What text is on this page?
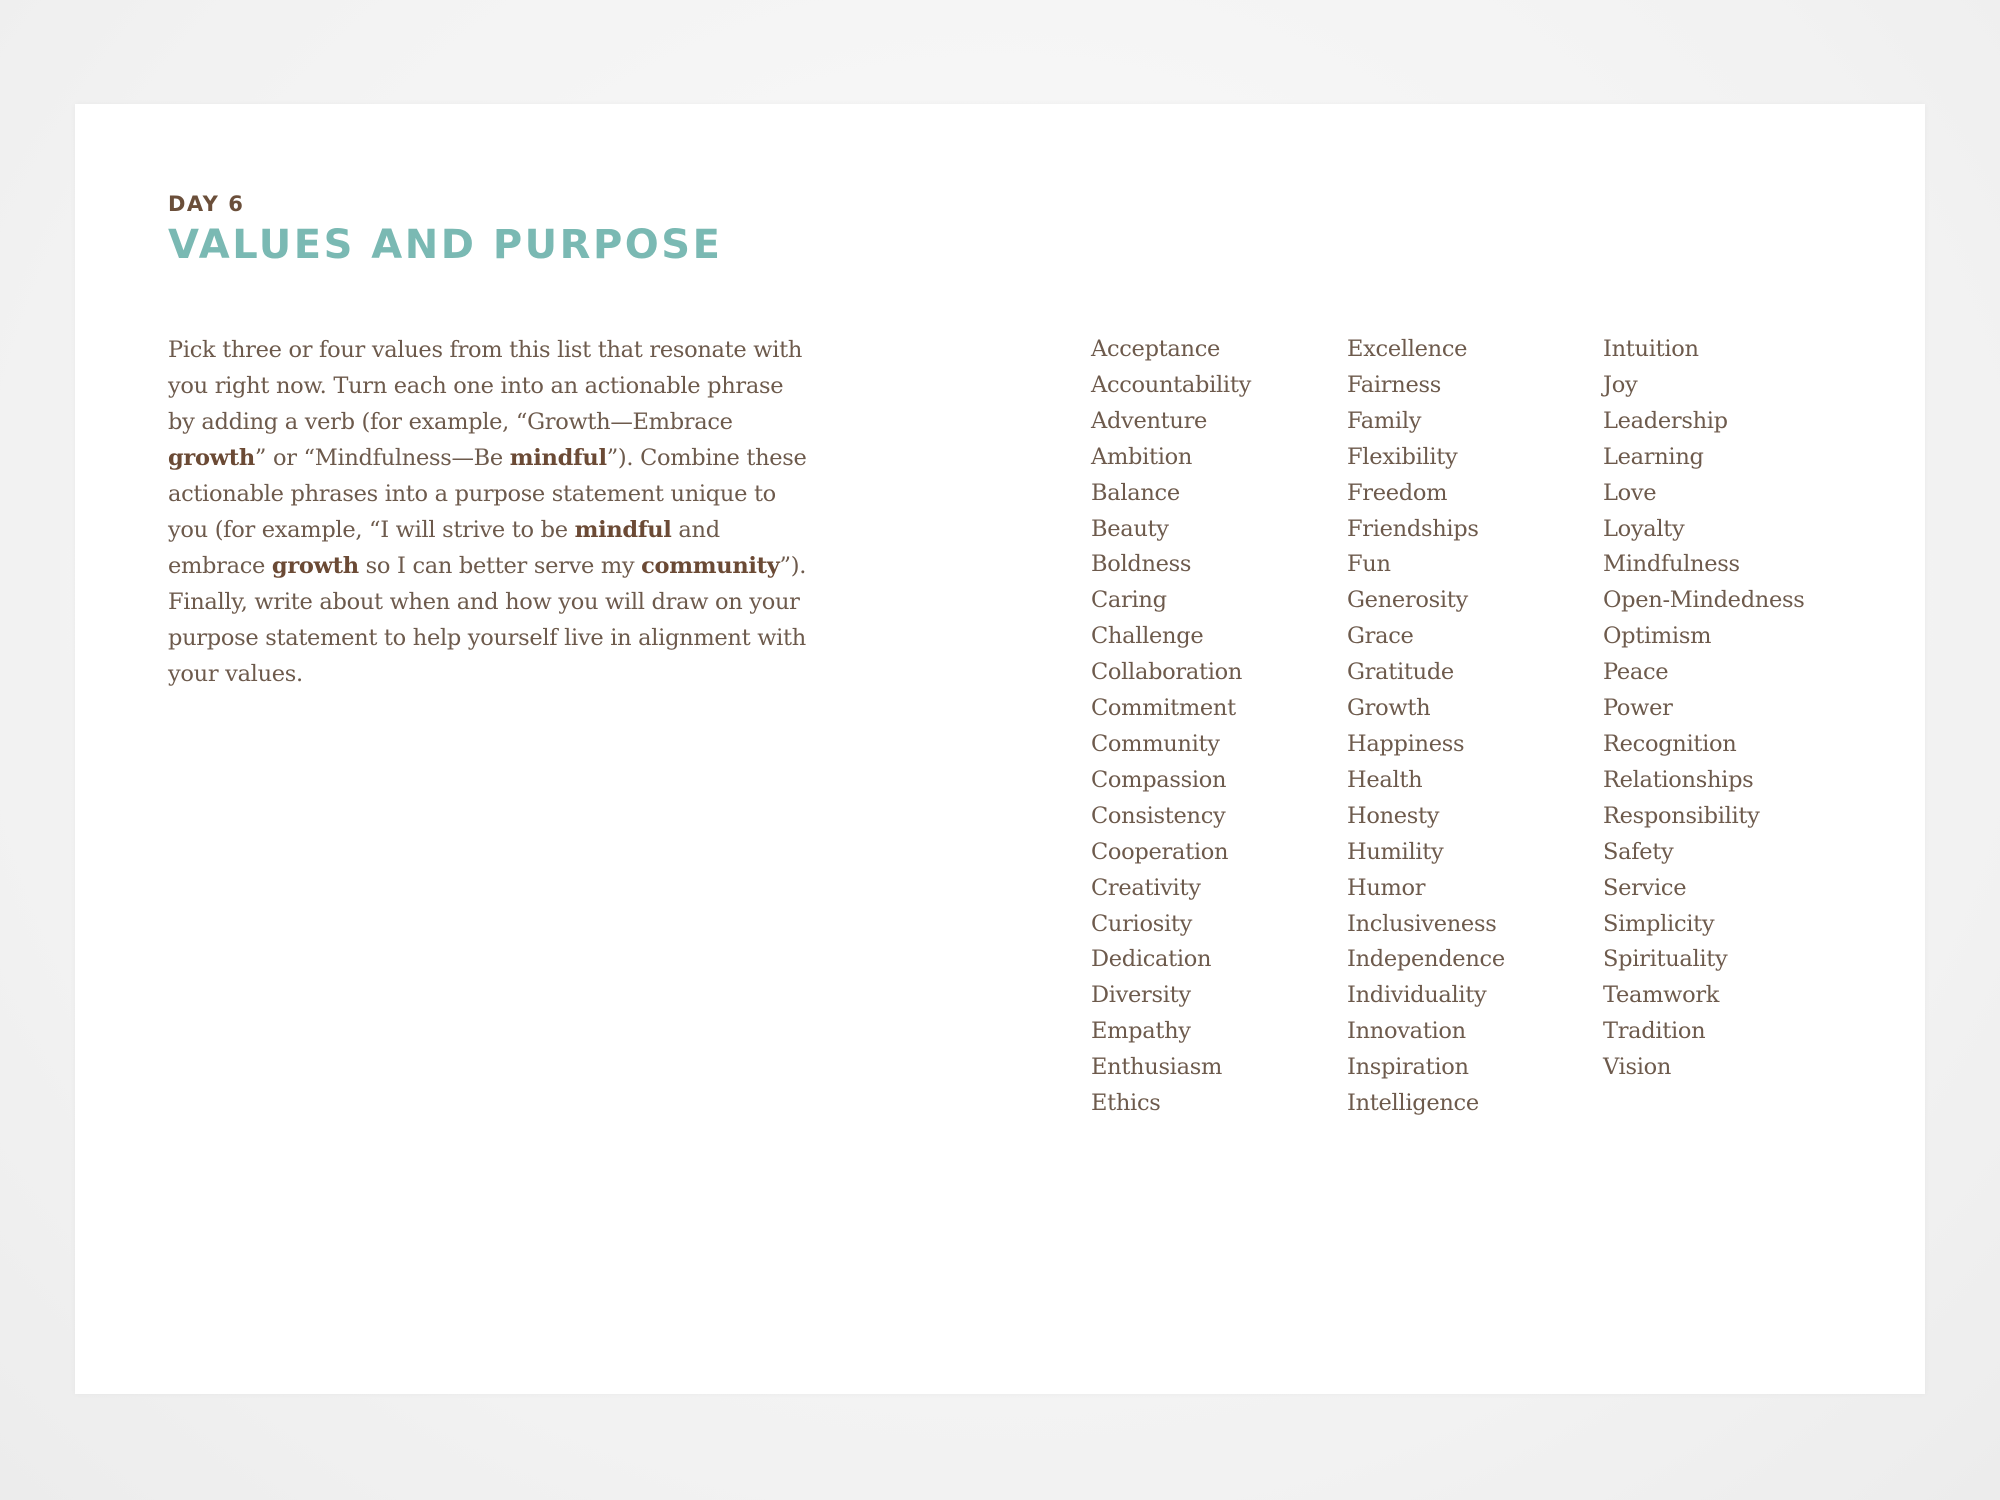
DAY 6
VALUES AND PURPOSE

Pick three or four values from this list that resonate with you right now. Turn each one into an actionable phrase by adding a verb (for example, “Growth—Embrace growth” or “Mindfulness—Be mindful”). Combine these actionable phrases into a purpose statement unique to you (for example, “I will strive to be mindful and embrace growth so I can better serve my community”). Finally, write about when and how you will draw on your purpose statement to help yourself live in alignment with your values.

Acceptance
Accountability
Adventure
Ambition
Balance
Beauty
Boldness
Caring
Challenge
Collaboration
Commitment
Community
Compassion
Consistency
Cooperation
Creativity
Curiosity
Dedication
Diversity
Empathy
Enthusiasm
Ethics
Excellence
Fairness
Family
Flexibility
Freedom
Friendships
Fun
Generosity
Grace
Gratitude
Growth
Happiness
Health
Honesty
Humility
Humor
Inclusiveness
Independence
Individuality
Innovation
Inspiration
Intelligence
Intuition
Joy
Leadership
Learning
Love
Loyalty
Mindfulness
Open-Mindedness
Optimism
Peace
Power
Recognition
Relationships
Responsibility
Safety
Service
Simplicity
Spirituality
Teamwork
Tradition
Vision
